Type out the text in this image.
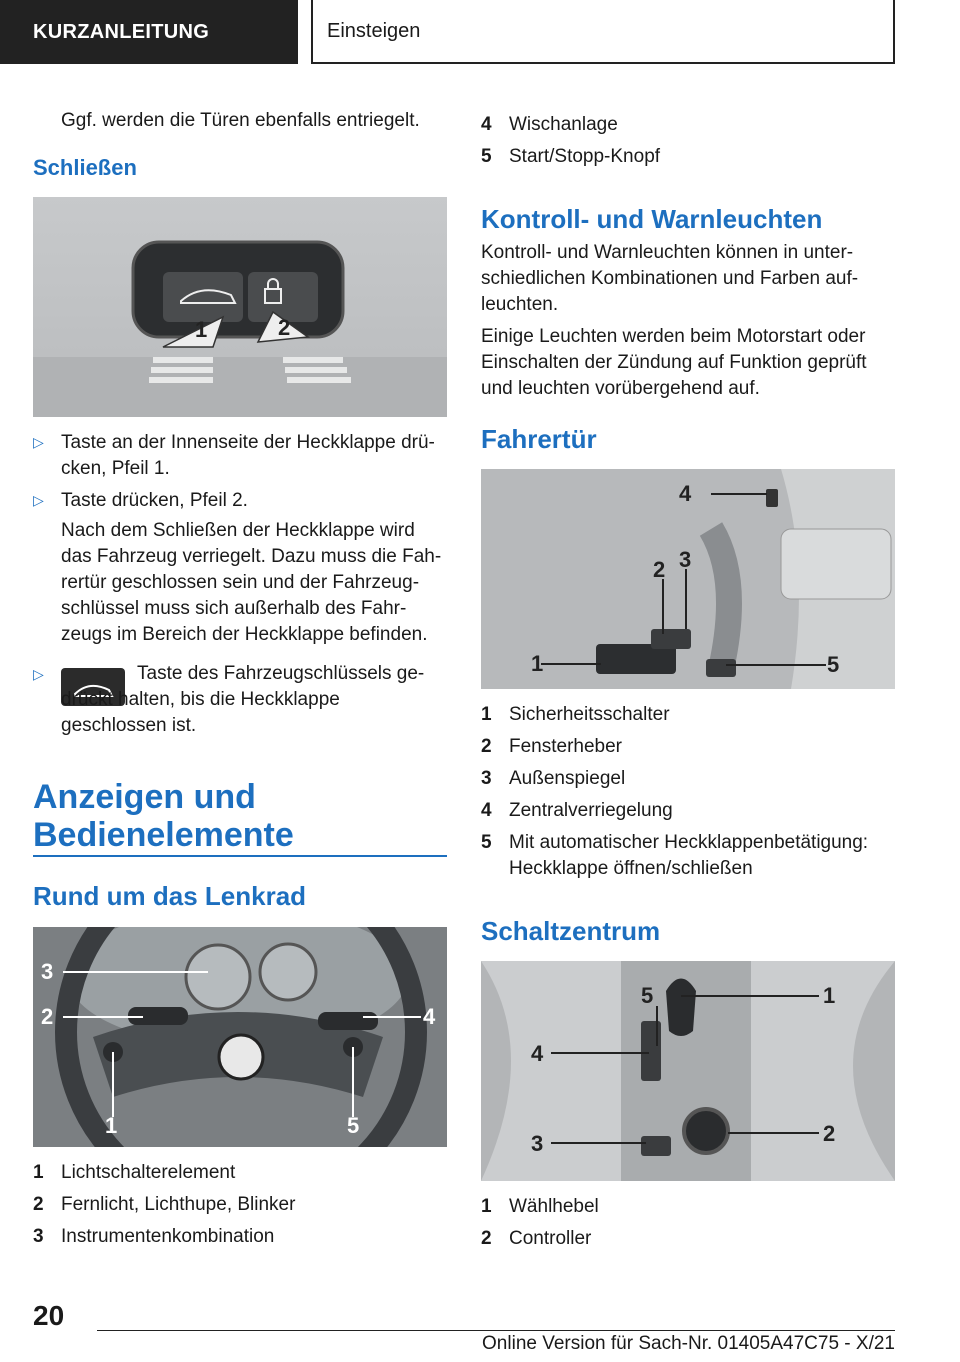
KURZANLEITUNG	Einsteigen

Ggf. werden die Türen ebenfalls entriegelt.

Schließen
1	2
▷ Taste an der Innenseite der Heckklappe drü‐ cken, Pfeil 1.
▷ Taste drücken, Pfeil 2.

Nach dem Schließen der Heckklappe wird das Fahrzeug verriegelt. Dazu muss die Fah‐ rertür geschlossen sein und der Fahrzeug‐ schlüssel muss sich außerhalb des Fahr‐ zeugs im Bereich der Heckklappe befinden.

▷	Taste des Fahrzeugschlüssels ge‐ drückt halten, bis die Heckklappe geschlossen ist.

Anzeigen und Bedienelemente
Rund um das Lenkrad
1
2
3
4
5
1 Lichtschalterelement
2 Fernlicht, Lichthupe, Blinker
3 Instrumentenkombination
4 Wischanlage
5 Start/Stopp-Knopf
Kontroll- und Warnleuchten

Kontroll- und Warnleuchten können in unter‐ schiedlichen Kombinationen und Farben auf‐ leuchten.

Einige Leuchten werden beim Motorstart oder Einschalten der Zündung auf Funktion geprüft und leuchten vorübergehend auf.

Fahrertür
1
2 3
4
5
1 Sicherheitsschalter
2 Fensterheber
3 Außenspiegel
4 Zentralverriegelung
5 Mit automatischer Heckklappenbetätigung: Heckklappe öffnen/schließen
Schaltzentrum
1
2
3
4
5
1 Wählhebel
2 Controller
20
Online Version für Sach-Nr. 01405A47C75 - X/21
